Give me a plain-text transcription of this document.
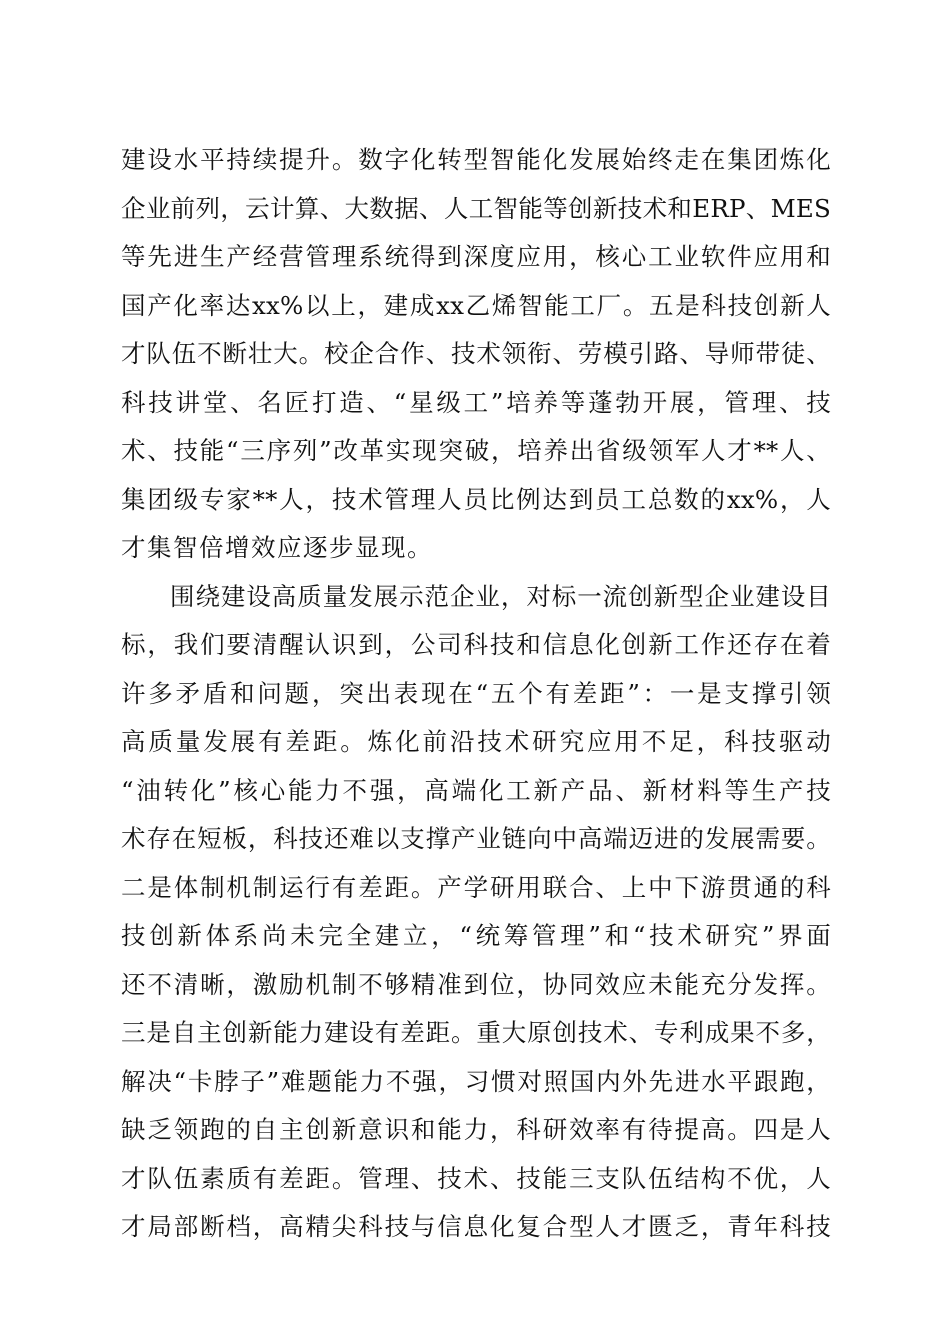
建设水平持续提升。数字化转型智能化发展始终走在集团炼化
企业前列，云计算、大数据、人工智能等创新技术和ERP、MES
等先进生产经营管理系统得到深度应用，核心工业软件应用和
国产化率达xx%以上，建成xx乙烯智能工厂。五是科技创新人
才队伍不断壮大。校企合作、技术领衔、劳模引路、导师带徒、
科技讲堂、名匠打造、“星级工”培养等蓬勃开展，管理、技
术、技能“三序列”改革实现突破，培养出省级领军人才**人、
集团级专家**人，技术管理人员比例达到员工总数的xx%，人
才集智倍增效应逐步显现。
围绕建设高质量发展示范企业，对标一流创新型企业建设目
标，我们要清醒认识到，公司科技和信息化创新工作还存在着
许多矛盾和问题，突出表现在“五个有差距”：一是支撑引领
高质量发展有差距。炼化前沿技术研究应用不足，科技驱动
“油转化”核心能力不强，高端化工新产品、新材料等生产技
术存在短板，科技还难以支撑产业链向中高端迈进的发展需要。
二是体制机制运行有差距。产学研用联合、上中下游贯通的科
技创新体系尚未完全建立，“统筹管理”和“技术研究”界面
还不清晰，激励机制不够精准到位，协同效应未能充分发挥。
三是自主创新能力建设有差距。重大原创技术、专利成果不多，
解决“卡脖子”难题能力不强，习惯对照国内外先进水平跟跑，
缺乏领跑的自主创新意识和能力，科研效率有待提高。四是人
才队伍素质有差距。管理、技术、技能三支队伍结构不优，人
才局部断档，高精尖科技与信息化复合型人才匮乏，青年科技
